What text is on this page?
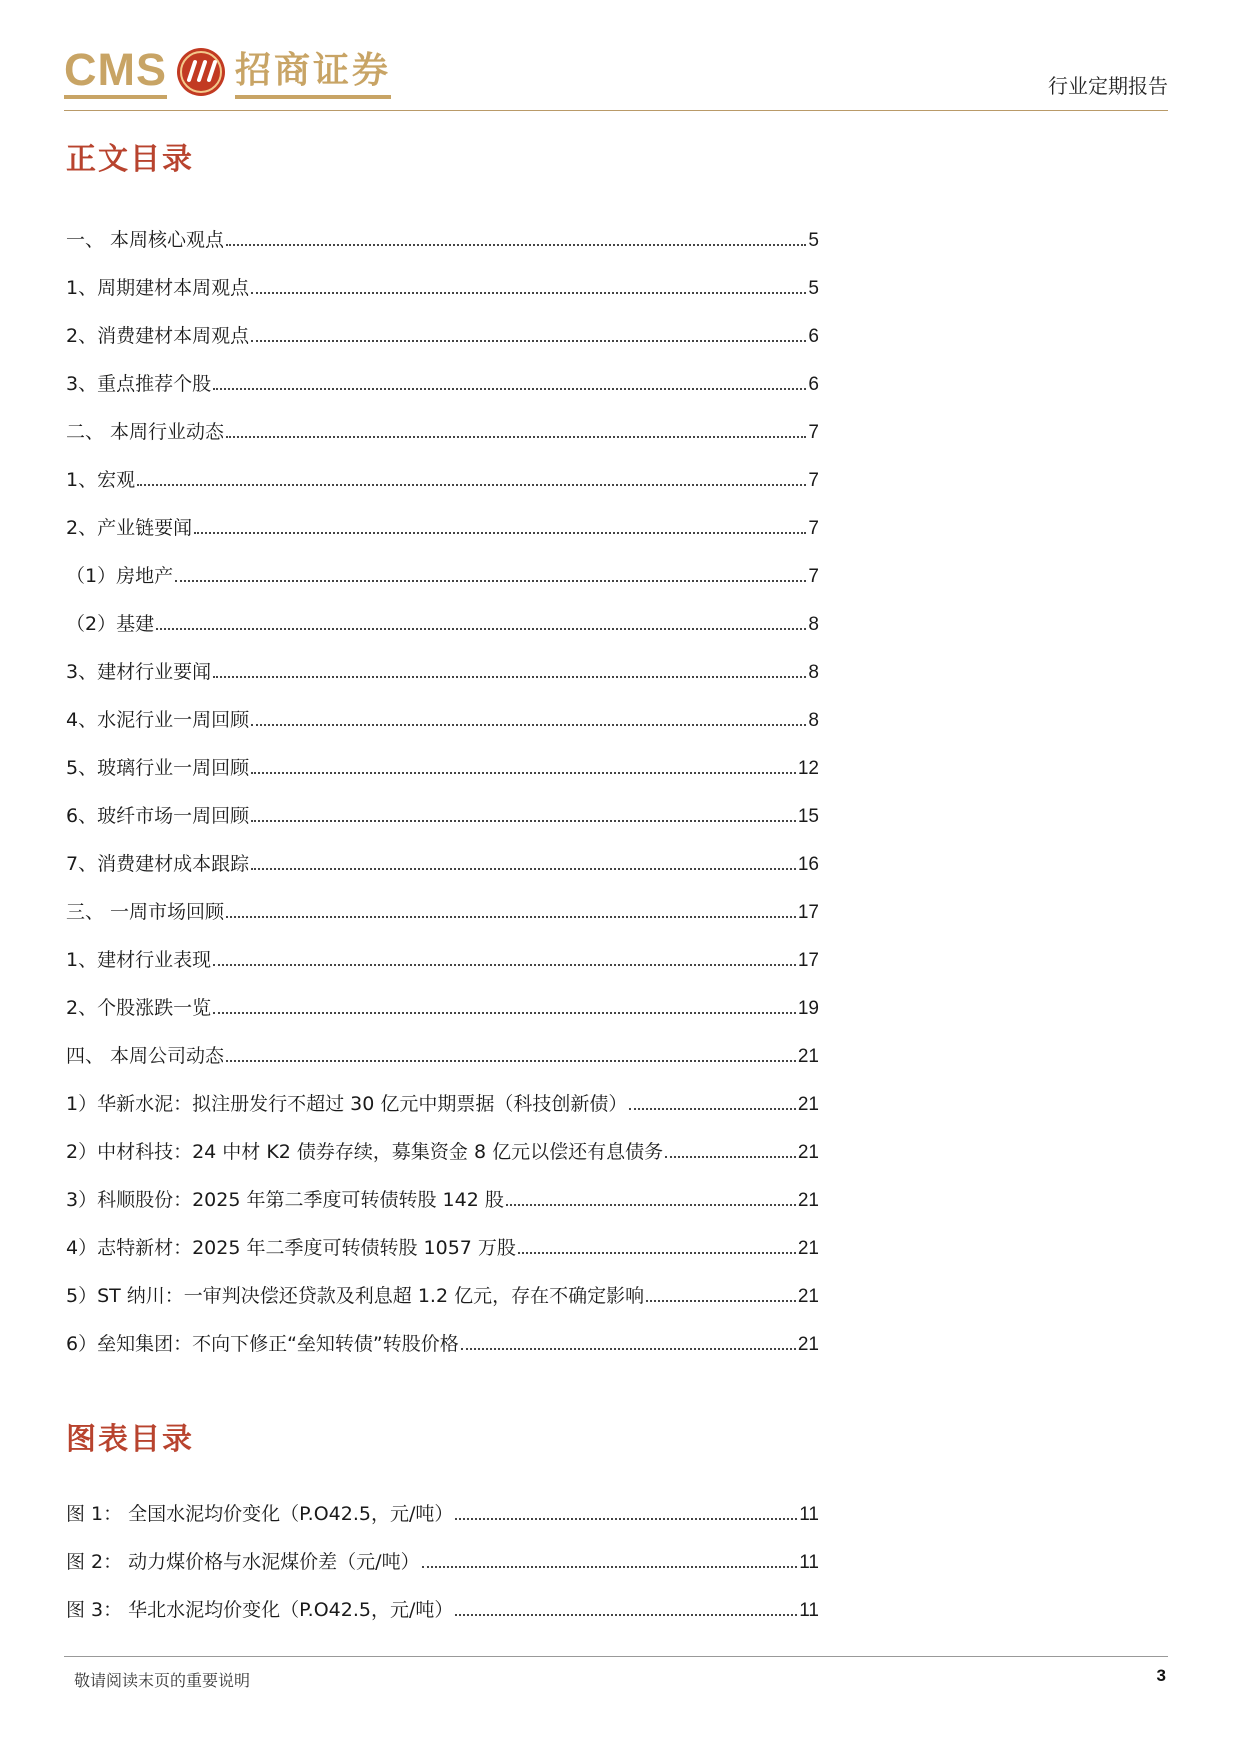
CMS 招商证券	行业定期报告
正文目录
一、 本周核心观点	5
1、周期建材本周观点	5
2、消费建材本周观点	6
3、重点推荐个股	6
二、 本周行业动态	7
1、宏观	7
2、产业链要闻	7
（1）房地产	7
（2）基建	8
3、建材行业要闻	8
4、水泥行业一周回顾	8
5、玻璃行业一周回顾	12
6、玻纤市场一周回顾	15
7、消费建材成本跟踪	16
三、 一周市场回顾	17
1、建材行业表现	17
2、个股涨跌一览	19
四、 本周公司动态	21
1）华新水泥：拟注册发行不超过 30 亿元中期票据（科技创新债）	21
2）中材科技：24 中材 K2 债券存续，募集资金 8 亿元以偿还有息债务	21
3）科顺股份：2025 年第二季度可转债转股 142 股	21
4）志特新材：2025 年二季度可转债转股 1057 万股	21
5）ST 纳川：一审判决偿还贷款及利息超 1.2 亿元，存在不确定影响	21
6）垒知集团：不向下修正“垒知转债”转股价格	21
图表目录
图 1： 全国水泥均价变化（P.O42.5，元/吨）	11
图 2： 动力煤价格与水泥煤价差（元/吨）	11
图 3： 华北水泥均价变化（P.O42.5，元/吨）	11
敬请阅读末页的重要说明	3
